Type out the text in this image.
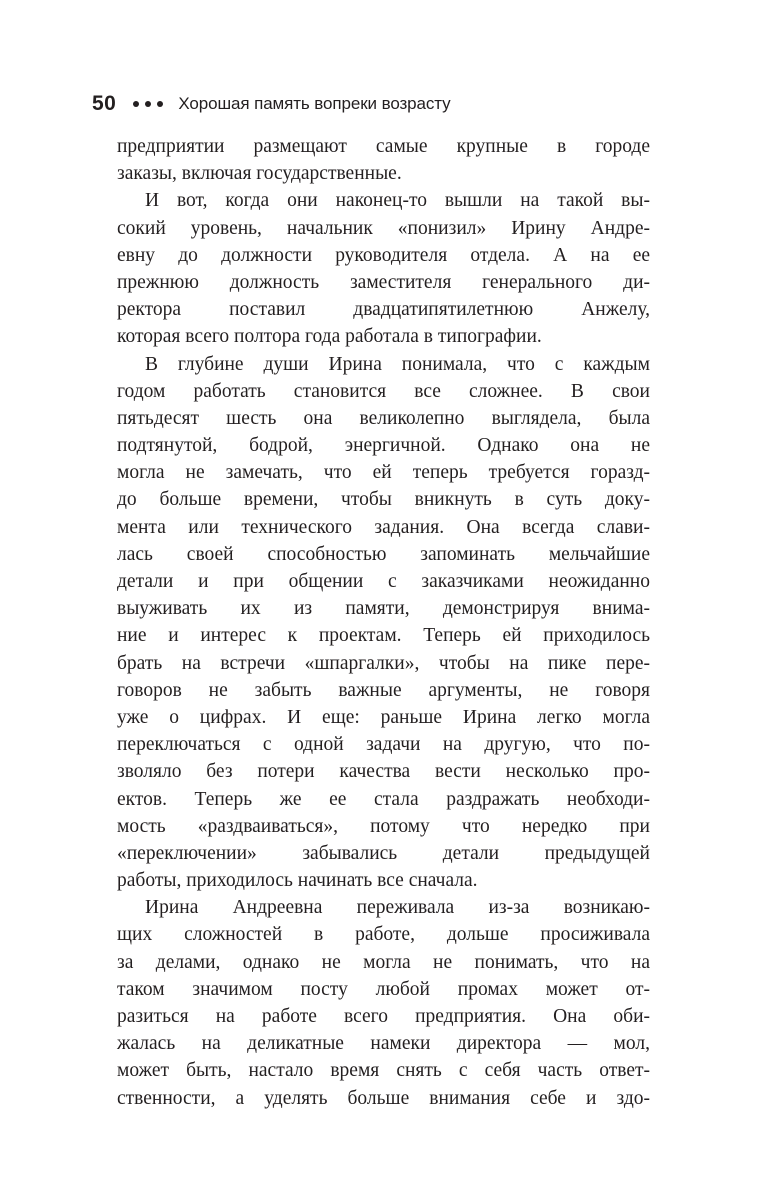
50	Хорошая память вопреки возрасту
предприятии размещают самые крупные в городе
заказы, включая государственные.
И вот, когда они наконец-то вышли на такой вы-
сокий уровень, начальник «понизил» Ирину Андре-
евну до должности руководителя отдела. А на ее
прежнюю должность заместителя генерального ди-
ректора поставил двадцатипятилетнюю Анжелу,
которая всего полтора года работала в типографии.
В глубине души Ирина понимала, что с каждым
годом работать становится все сложнее. В свои
пятьдесят шесть она великолепно выглядела, была
подтянутой, бодрой, энергичной. Однако она не
могла не замечать, что ей теперь требуется горазд-
до больше времени, чтобы вникнуть в суть доку-
мента или технического задания. Она всегда слави-
лась своей способностью запоминать мельчайшие
детали и при общении с заказчиками неожиданно
выуживать их из памяти, демонстрируя внима-
ние и интерес к проектам. Теперь ей приходилось
брать на встречи «шпаргалки», чтобы на пике пере-
говоров не забыть важные аргументы, не говоря
уже о цифрах. И еще: раньше Ирина легко могла
переключаться с одной задачи на другую, что по-
зволяло без потери качества вести несколько про-
ектов. Теперь же ее стала раздражать необходи-
мость «раздваиваться», потому что нередко при
«переключении» забывались детали предыдущей
работы, приходилось начинать все сначала.
Ирина Андреевна переживала из-за возникаю-
щих сложностей в работе, дольше просиживала
за делами, однако не могла не понимать, что на
таком значимом посту любой промах может от-
разиться на работе всего предприятия. Она оби-
жалась на деликатные намеки директора — мол,
может быть, настало время снять с себя часть ответ-
ственности, а уделять больше внимания себе и здо-
